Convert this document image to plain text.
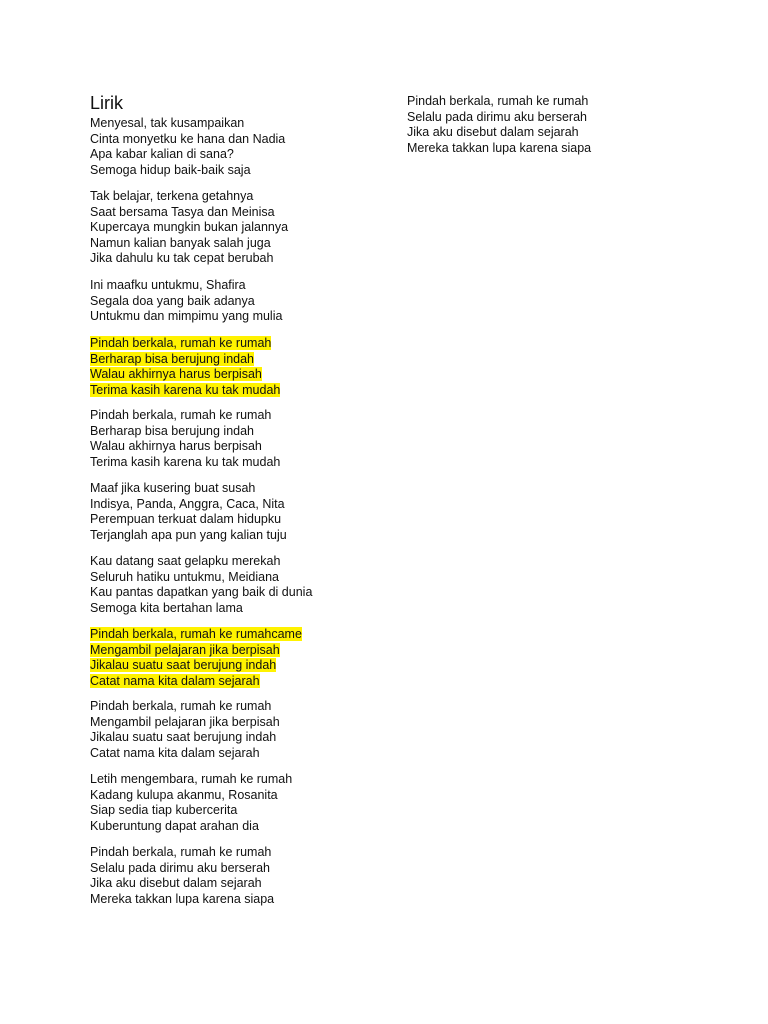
Lirik
Menyesal, tak kusampaikan
Cinta monyetku ke hana dan Nadia
Apa kabar kalian di sana?
Semoga hidup baik-baik saja
Tak belajar, terkena getahnya
Saat bersama Tasya dan Meinisa
Kupercaya mungkin bukan jalannya
Namun kalian banyak salah juga
Jika dahulu ku tak cepat berubah
Ini maafku untukmu, Shafira
Segala doa yang baik adanya
Untukmu dan mimpimu yang mulia
Pindah berkala, rumah ke rumah
Berharap bisa berujung indah
Walau akhirnya harus berpisah
Terima kasih karena ku tak mudah
Pindah berkala, rumah ke rumah
Berharap bisa berujung indah
Walau akhirnya harus berpisah
Terima kasih karena ku tak mudah
Maaf jika kusering buat susah
Indisya, Panda, Anggra, Caca, Nita
Perempuan terkuat dalam hidupku
Terjanglah apa pun yang kalian tuju
Kau datang saat gelapku merekah
Seluruh hatiku untukmu, Meidiana
Kau pantas dapatkan yang baik di dunia
Semoga kita bertahan lama
Pindah berkala, rumah ke rumahcame
Mengambil pelajaran jika berpisah
Jikalau suatu saat berujung indah
Catat nama kita dalam sejarah
Pindah berkala, rumah ke rumah
Mengambil pelajaran jika berpisah
Jikalau suatu saat berujung indah
Catat nama kita dalam sejarah
Letih mengembara, rumah ke rumah
Kadang kulupa akanmu, Rosanita
Siap sedia tiap kubercerita
Kuberuntung dapat arahan dia
Pindah berkala, rumah ke rumah
Selalu pada dirimu aku berserah
Jika aku disebut dalam sejarah
Mereka takkan lupa karena siapa
Pindah berkala, rumah ke rumah
Selalu pada dirimu aku berserah
Jika aku disebut dalam sejarah
Mereka takkan lupa karena siapa
